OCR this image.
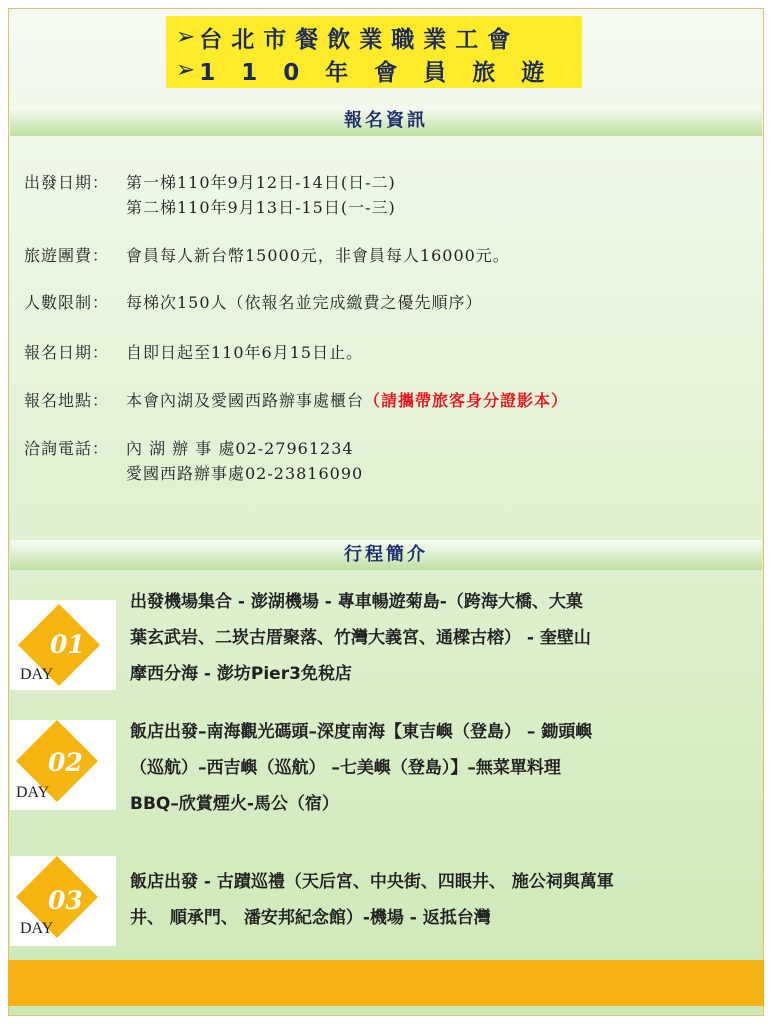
➢ 台北市餐飲業職業工會
➢ 110年會員旅遊
報名資訊
出發日期： 第一梯110年9月12日-14日(日-二)
第二梯110年9月13日-15日(一-三)
旅遊團費： 會員每人新台幣15000元，非會員每人16000元。
人數限制： 每梯次150人（依報名並完成繳費之優先順序）
報名日期： 自即日起至110年6月15日止。
報名地點： 本會內湖及愛國西路辦事處櫃台（請攜帶旅客身分證影本）
洽詢電話： 內 湖 辦 事 處02-27961234
愛國西路辦事處02-23816090
行程簡介
01
DAY
出發機場集合 - 澎湖機場 - 專車暢遊菊島-（跨海大橋、大菓
葉玄武岩、二崁古厝聚落、竹灣大義宮、通樑古榕） - 奎壁山
摩西分海 - 澎坊Pier3免稅店
02
DAY
飯店出發–南海觀光碼頭–深度南海【東吉嶼（登島） – 鋤頭嶼
（巡航）–西吉嶼（巡航） –七美嶼（登島）】–無菜單料理
BBQ–欣賞煙火-馬公（宿）
03
DAY
飯店出發 - 古蹟巡禮（天后宮、中央街、四眼井、 施公祠與萬軍
井、 順承門、 潘安邦紀念館）-機場 - 返抵台灣
